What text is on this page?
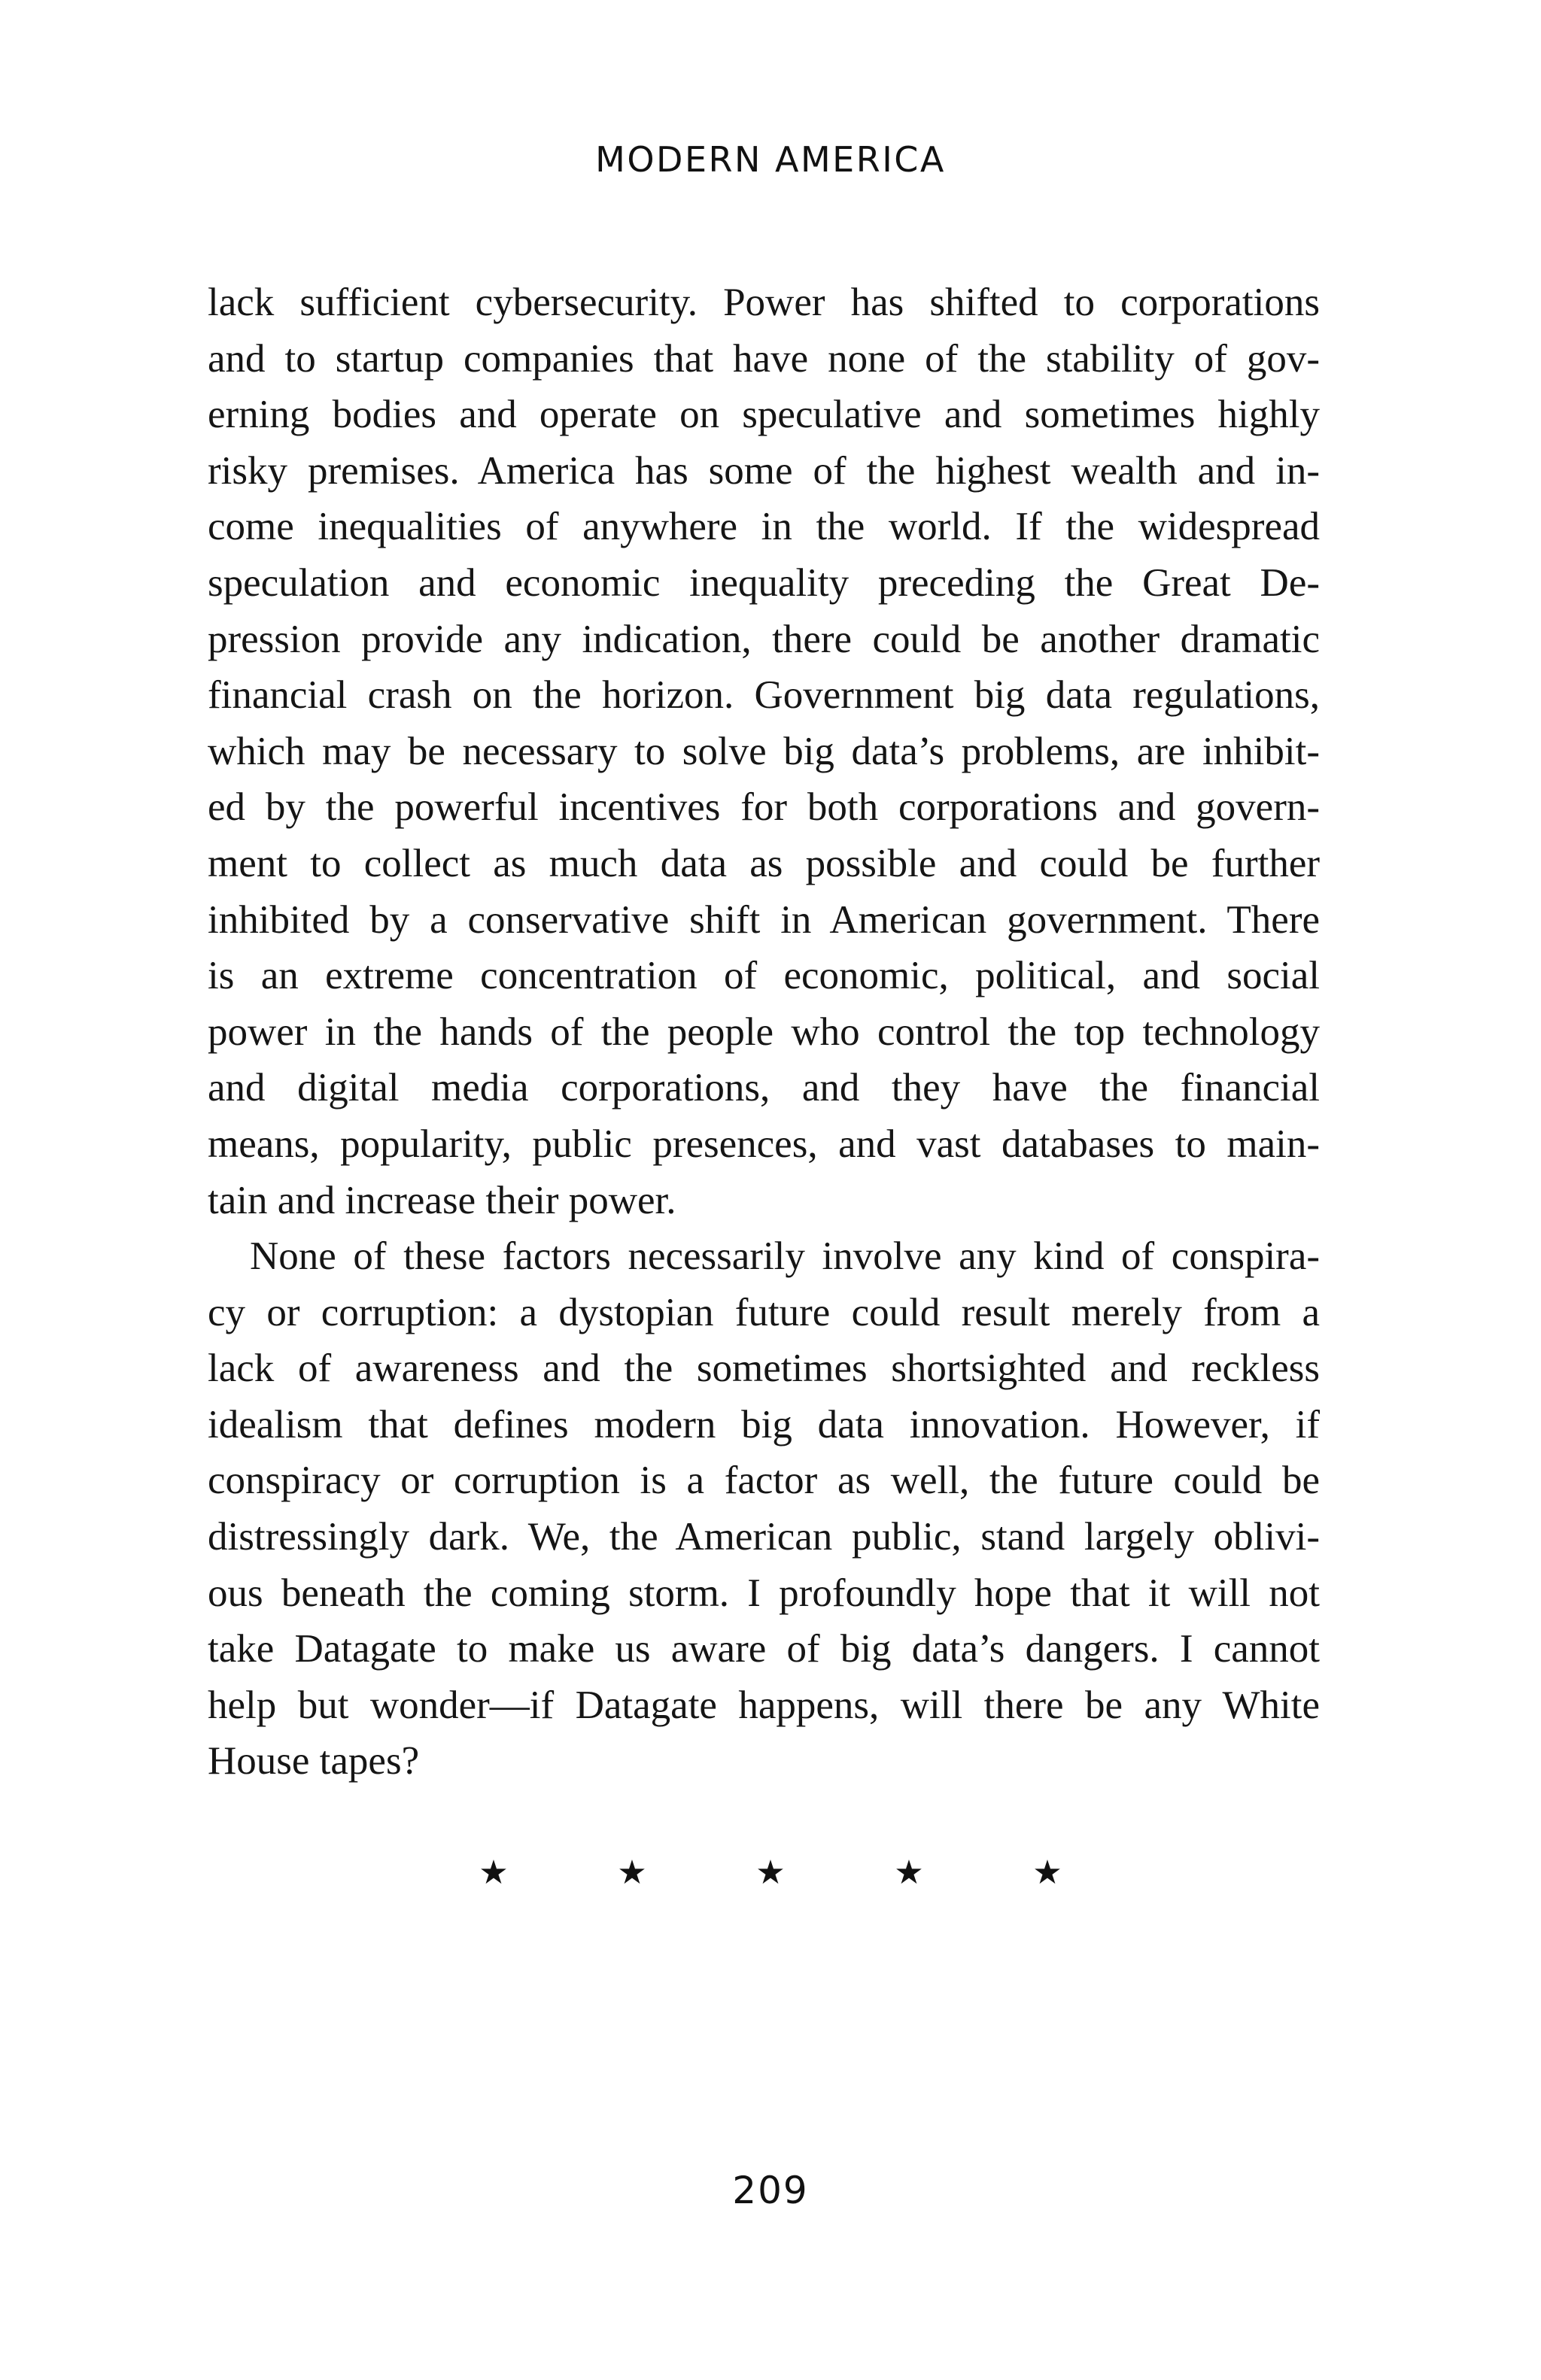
MODERN AMERICA

lack sufficient cybersecurity. Power has shifted to corporations
and to startup companies that have none of the stability of gov-
erning bodies and operate on speculative and sometimes highly
risky premises. America has some of the highest wealth and in-
come inequalities of anywhere in the world. If the widespread
speculation and economic inequality preceding the Great De-
pression provide any indication, there could be another dramatic
financial crash on the horizon. Government big data regulations,
which may be necessary to solve big data’s problems, are inhibit-
ed by the powerful incentives for both corporations and govern-
ment to collect as much data as possible and could be further
inhibited by a conservative shift in American government. There
is an extreme concentration of economic, political, and social
power in the hands of the people who control the top technology
and digital media corporations, and they have the financial
means, popularity, public presences, and vast databases to main-
tain and increase their power.

None of these factors necessarily involve any kind of conspira-
cy or corruption: a dystopian future could result merely from a
lack of awareness and the sometimes shortsighted and reckless
idealism that defines modern big data innovation. However, if
conspiracy or corruption is a factor as well, the future could be
distressingly dark. We, the American public, stand largely oblivi-
ous beneath the coming storm. I profoundly hope that it will not
take Datagate to make us aware of big data’s dangers. I cannot
help but wonder—if Datagate happens, will there be any White
House tapes?

★	★	★	★	★
209
